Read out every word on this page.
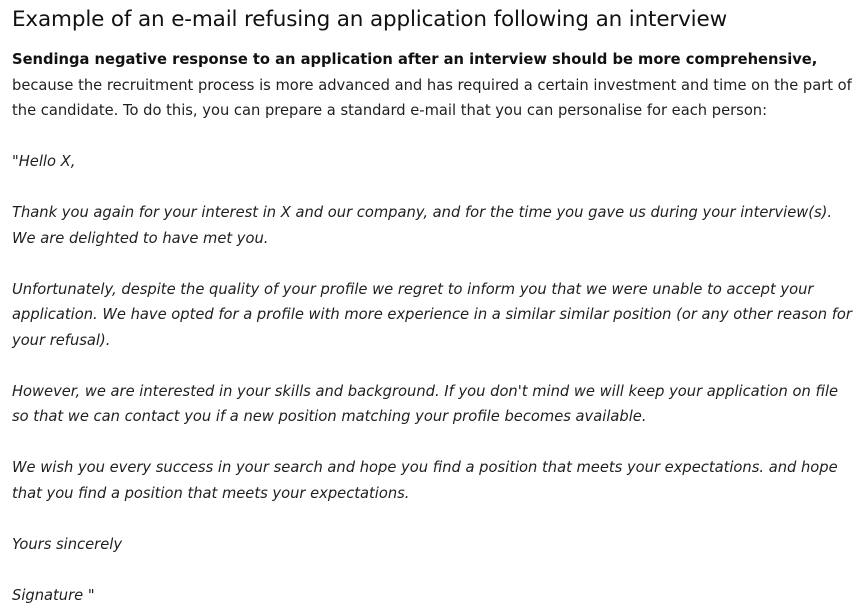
Example of an e-mail refusing an application following an interview

Sendinga negative response to an application after an interview should be more comprehensive, because the recruitment process is more advanced and has required a certain investment and time on the part of the candidate. To do this, you can prepare a standard e-mail that you can personalise for each person:

"Hello X,

Thank you again for your interest in X and our company, and for the time you gave us during your interview(s). We are delighted to have met you.

Unfortunately, despite the quality of your profile we regret to inform you that we were unable to accept your application. We have opted for a profile with more experience in a similar similar position (or any other reason for your refusal).

However, we are interested in your skills and background. If you don't mind we will keep your application on file so that we can contact you if a new position matching your profile becomes available.

We wish you every success in your search and hope you find a position that meets your expectations. and hope that you find a position that meets your expectations.

Yours sincerely

Signature "
